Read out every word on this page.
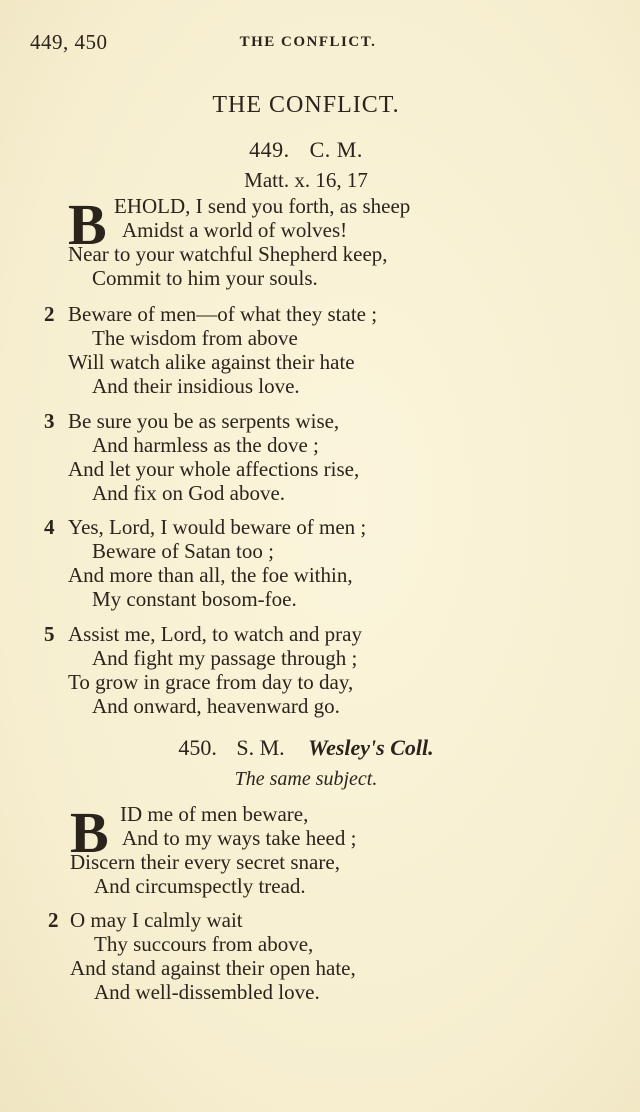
449, 450	THE CONFLICT.
THE CONFLICT.
449. C. M.
Matt. x. 16, 17
B EHOLD, I send you forth, as sheep
Amidst a world of wolves!
Near to your watchful Shepherd keep,
Commit to him your souls.
2 Beware of men—of what they state ;
The wisdom from above
Will watch alike against their hate
And their insidious love.
3 Be sure you be as serpents wise,
And harmless as the dove ;
And let your whole affections rise,
And fix on God above.
4 Yes, Lord, I would beware of men ;
Beware of Satan too ;
And more than all, the foe within,
My constant bosom-foe.
5 Assist me, Lord, to watch and pray
And fight my passage through ;
To grow in grace from day to day,
And onward, heavenward go.
450. S. M. Wesley's Coll.
The same subject.
B ID me of men beware,
And to my ways take heed ;
Discern their every secret snare,
And circumspectly tread.
2 O may I calmly wait
Thy succours from above,
And stand against their open hate,
And well-dissembled love.
